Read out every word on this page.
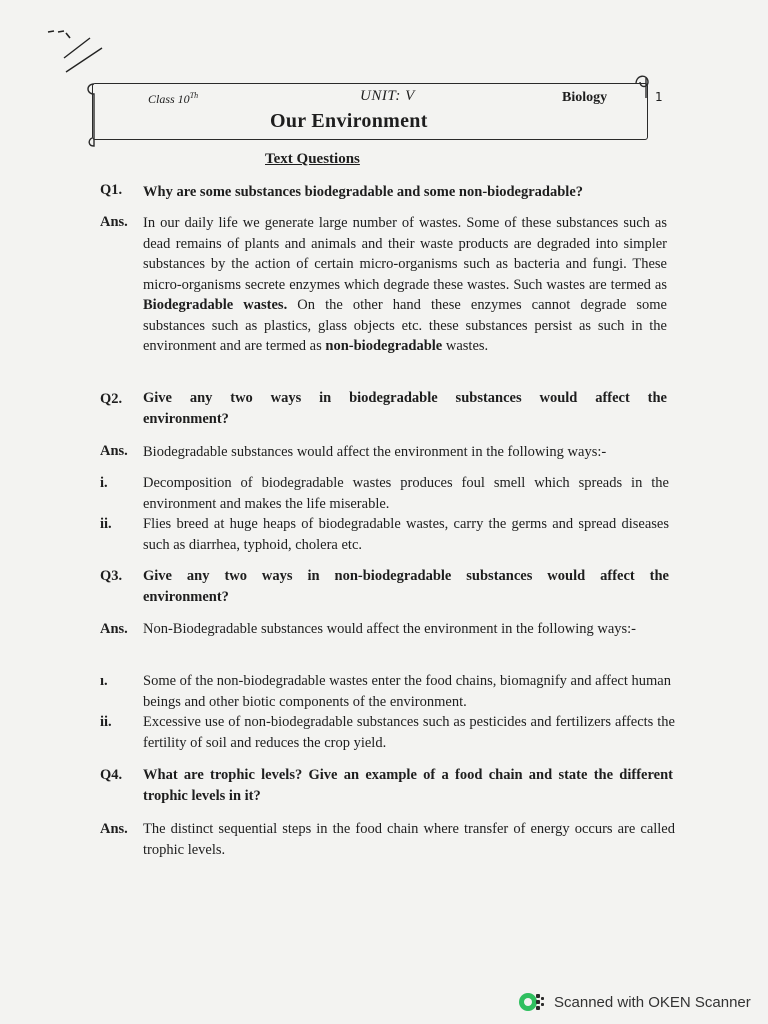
Class 10Th	UNIT: V	Biology	1
Our Environment
Text Questions
Q1. Why are some substances biodegradable and some non-biodegradable?
Ans. In our daily life we generate large number of wastes. Some of these substances such as dead remains of plants and animals and their waste products are degraded into simpler substances by the action of certain micro-organisms such as bacteria and fungi. These micro-organisms secrete enzymes which degrade these wastes. Such wastes are termed as Biodegradable wastes. On the other hand these enzymes cannot degrade some substances such as plastics, glass objects etc. these substances persist as such in the environment and are termed as non-biodegradable wastes.
Q2. Give any two ways in biodegradable substances would affect the environment?
Ans. Biodegradable substances would affect the environment in the following ways:-
i. Decomposition of biodegradable wastes produces foul smell which spreads in the environment and makes the life miserable.
ii. Flies breed at huge heaps of biodegradable wastes, carry the germs and spread diseases such as diarrhea, typhoid, cholera etc.
Q3. Give any two ways in non-biodegradable substances would affect the environment?
Ans. Non-Biodegradable substances would affect the environment in the following ways:-
ı. Some of the non-biodegradable wastes enter the food chains, biomagnify and affect human beings and other biotic components of the environment.
ii. Excessive use of non-biodegradable substances such as pesticides and fertilizers affects the fertility of soil and reduces the crop yield.
Q4. What are trophic levels? Give an example of a food chain and state the different trophic levels in it?
Ans. The distinct sequential steps in the food chain where transfer of energy occurs are called trophic levels.
Scanned with OKEN Scanner
